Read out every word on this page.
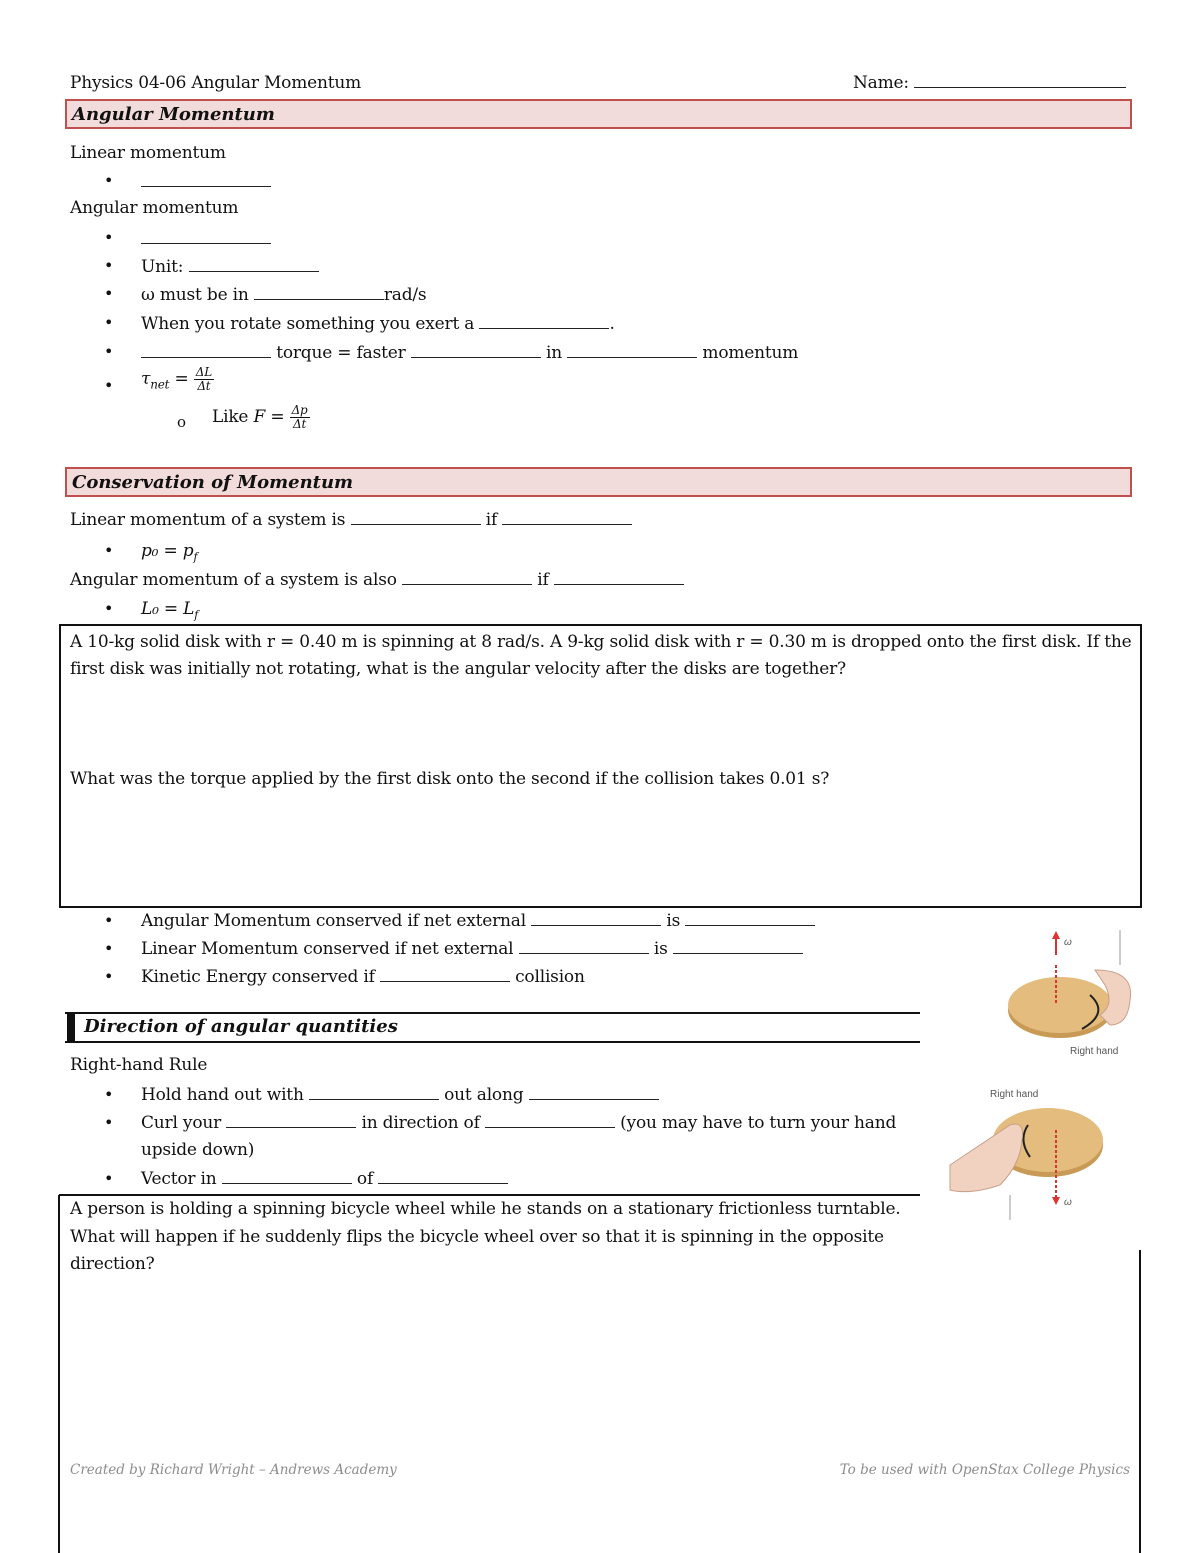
Physics 04-06 Angular Momentum	Name:
Angular Momentum
Linear momentum
•
Angular momentum
•
• Unit:
• ω must be in	rad/s
• When you rotate something you exert a	.
•	torque = faster	in	momentum
• $\tau_{net} = \frac{\Delta L}{\Delta t}$
o Like $F = \frac{\Delta p}{\Delta t}$
Conservation of Momentum
Linear momentum of a system is	if
• $p_0 = p_f$
Angular momentum of a system is also	if
• $L_0 = L_f$
A 10-kg solid disk with r = 0.40 m is spinning at 8 rad/s. A 9-kg solid disk with r = 0.30 m is dropped onto the first disk. If the
first disk was initially not rotating, what is the angular velocity after the disks are together?
What was the torque applied by the first disk onto the second if the collision takes 0.01 s?
• Angular Momentum conserved if net external	is
• Linear Momentum conserved if net external	is
• Kinetic Energy conserved if	collision
Direction of angular quantities
Right-hand Rule
• Hold hand out with	out along
• Curl your	in direction of	(you may have to turn your hand
upside down)
• Vector in	of
A person is holding a spinning bicycle wheel while he stands on a stationary frictionless turntable.
What will happen if he suddenly flips the bicycle wheel over so that it is spinning in the opposite
direction?
Right hand
ω
Right hand
ω
Created by Richard Wright – Andrews Academy	To be used with OpenStax College Physics
